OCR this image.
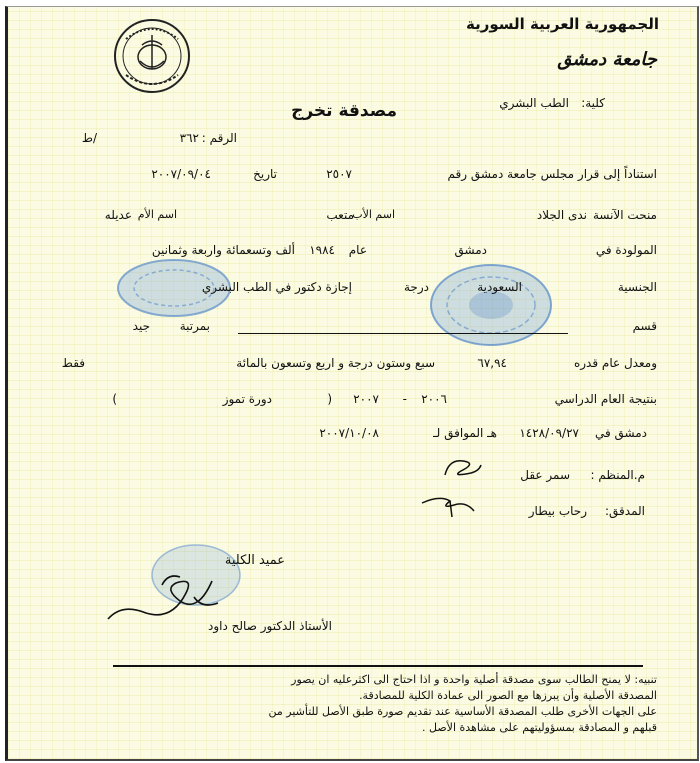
الجمهورية العربية السورية
جامعة دمشق
كلية:
الطب البشري
مصدقة تخرج
الرقم :
٣٦٢
/ط
استناداً إلى قرار مجلس جامعة دمشق رقم
٢٥٠٧
تاريخ
٢٠٠٧/٠٩/٠٤
منحت الآنسة
ندى الجلاد
اسم الأب
متعب
اسم الأم
عديله
المولودة في
دمشق
عام
١٩٨٤
ألف وتسعمائة واربعة وثمانين
الجنسية
السعودية
درجة
إجازة دكتور في الطب البشري
قسم
بمرتبة
جيد
ومعدل عام قدره
٦٧,٩٤
سبع وستون درجة و اربع وتسعون بالمائة
فقط
بنتيجة العام الدراسي
٢٠٠٦
-
٢٠٠٧
(
دورة تموز
)
دمشق في
١٤٢٨/٠٩/٢٧
هـ الموافق لـ
٢٠٠٧/١٠/٠٨
م.المنظم :
سمر عقل
المدقق:
رحاب بيطار
عميد الكلية
الأستاذ الدكتور صالح داود
تنبيه: لا يمنح الطالب سوى مصدقة أصلية واحدة و اذا احتاج الى اكثرعليه ان يصور
المصدقة الأصلية وأن يبرزها مع الصور الى عمادة الكلية للمصادقة.
على الجهات الأخرى طلب المصدقة الأساسية عند تقديم صورة طبق الأصل للتأشير من
قبلهم و المصادقة بمسؤوليتهم على مشاهدة الأصل .
